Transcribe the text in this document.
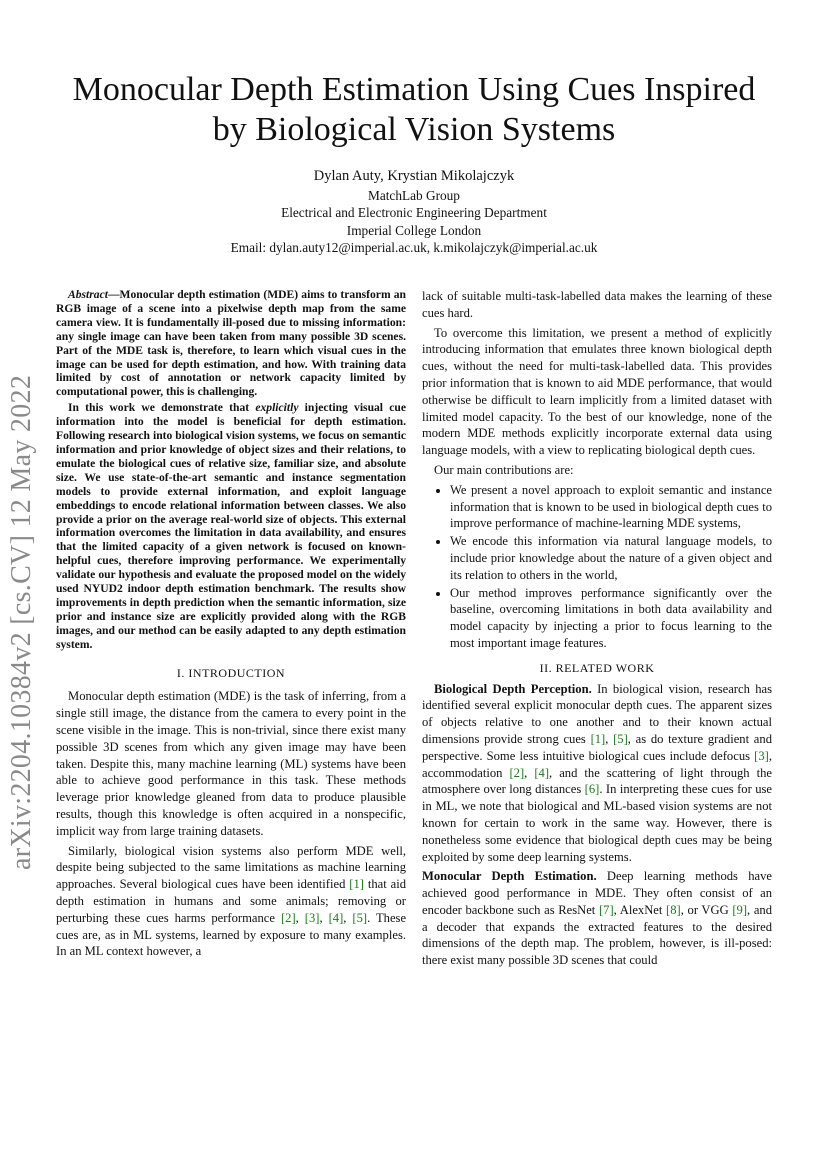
arXiv:2204.10384v2 [cs.CV] 12 May 2022
Monocular Depth Estimation Using Cues Inspired by Biological Vision Systems
Dylan Auty, Krystian Mikolajczyk
MatchLab Group
Electrical and Electronic Engineering Department
Imperial College London
Email: dylan.auty12@imperial.ac.uk, k.mikolajczyk@imperial.ac.uk

Abstract—Monocular depth estimation (MDE) aims to transform an RGB image of a scene into a pixelwise depth map from the same camera view. It is fundamentally ill-posed due to missing information: any single image can have been taken from many possible 3D scenes. Part of the MDE task is, therefore, to learn which visual cues in the image can be used for depth estimation, and how. With training data limited by cost of annotation or network capacity limited by computational power, this is challenging.

In this work we demonstrate that explicitly injecting visual cue information into the model is beneficial for depth estimation. Following research into biological vision systems, we focus on semantic information and prior knowledge of object sizes and their relations, to emulate the biological cues of relative size, familiar size, and absolute size. We use state-of-the-art semantic and instance segmentation models to provide external information, and exploit language embeddings to encode relational information between classes. We also provide a prior on the average real-world size of objects. This external information overcomes the limitation in data availability, and ensures that the limited capacity of a given network is focused on known-helpful cues, therefore improving performance. We experimentally validate our hypothesis and evaluate the proposed model on the widely used NYUD2 indoor depth estimation benchmark. The results show improvements in depth prediction when the semantic information, size prior and instance size are explicitly provided along with the RGB images, and our method can be easily adapted to any depth estimation system.

I. INTRODUCTION

Monocular depth estimation (MDE) is the task of inferring, from a single still image, the distance from the camera to every point in the scene visible in the image. This is non-trivial, since there exist many possible 3D scenes from which any given image may have been taken. Despite this, many machine learning (ML) systems have been able to achieve good performance in this task. These methods leverage prior knowledge gleaned from data to produce plausible results, though this knowledge is often acquired in a nonspecific, implicit way from large training datasets.

Similarly, biological vision systems also perform MDE well, despite being subjected to the same limitations as machine learning approaches. Several biological cues have been identified [1] that aid depth estimation in humans and some animals; removing or perturbing these cues harms performance [2], [3], [4], [5]. These cues are, as in ML systems, learned by exposure to many examples. In an ML context however, a

lack of suitable multi-task-labelled data makes the learning of these cues hard.

To overcome this limitation, we present a method of explicitly introducing information that emulates three known biological depth cues, without the need for multi-task-labelled data. This provides prior information that is known to aid MDE performance, that would otherwise be difficult to learn implicitly from a limited dataset with limited model capacity. To the best of our knowledge, none of the modern MDE methods explicitly incorporate external data using language models, with a view to replicating biological depth cues.

Our main contributions are:

• We present a novel approach to exploit semantic and instance information that is known to be used in biological depth cues to improve performance of machine-learning MDE systems,
• We encode this information via natural language models, to include prior knowledge about the nature of a given object and its relation to others in the world,
• Our method improves performance significantly over the baseline, overcoming limitations in both data availability and model capacity by injecting a prior to focus learning to the most important image features.
II. RELATED WORK

Biological Depth Perception. In biological vision, research has identified several explicit monocular depth cues. The apparent sizes of objects relative to one another and to their known actual dimensions provide strong cues [1], [5], as do texture gradient and perspective. Some less intuitive biological cues include defocus [3], accommodation [2], [4], and the scattering of light through the atmosphere over long distances [6]. In interpreting these cues for use in ML, we note that biological and ML-based vision systems are not known for certain to work in the same way. However, there is nonetheless some evidence that biological depth cues may be being exploited by some deep learning systems.

Monocular Depth Estimation. Deep learning methods have achieved good performance in MDE. They often consist of an encoder backbone such as ResNet [7], AlexNet [8], or VGG [9], and a decoder that expands the extracted features to the desired dimensions of the depth map. The problem, however, is ill-posed: there exist many possible 3D scenes that could
